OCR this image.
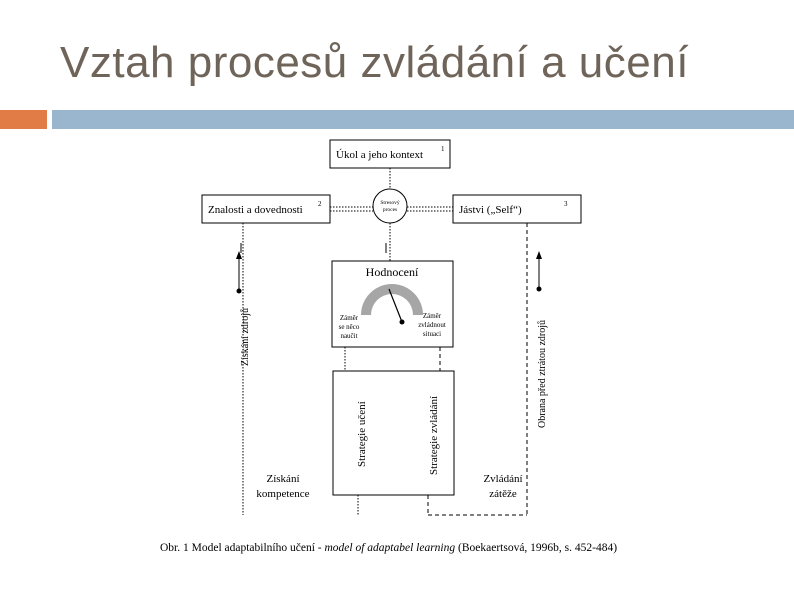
Vztah procesů zvládání a učení
Úkol a jeho kontext	1
Znalosti a dovednosti 2	Jástvi („Self“)	3
Stresový
proces
Získání zdrojů	Obrana před ztrátou zdrojů
Hodnocení
Záměr
se něco
naučit
Záměr
zvládnout
situaci
Strategie učení	Strategie zvládání
Získání
kompetence
Zvládání
zátěže
Obr. 1 Model adaptabilního učení - model of adaptabel learning (Boekaertsová, 1996b, s. 452-484)
